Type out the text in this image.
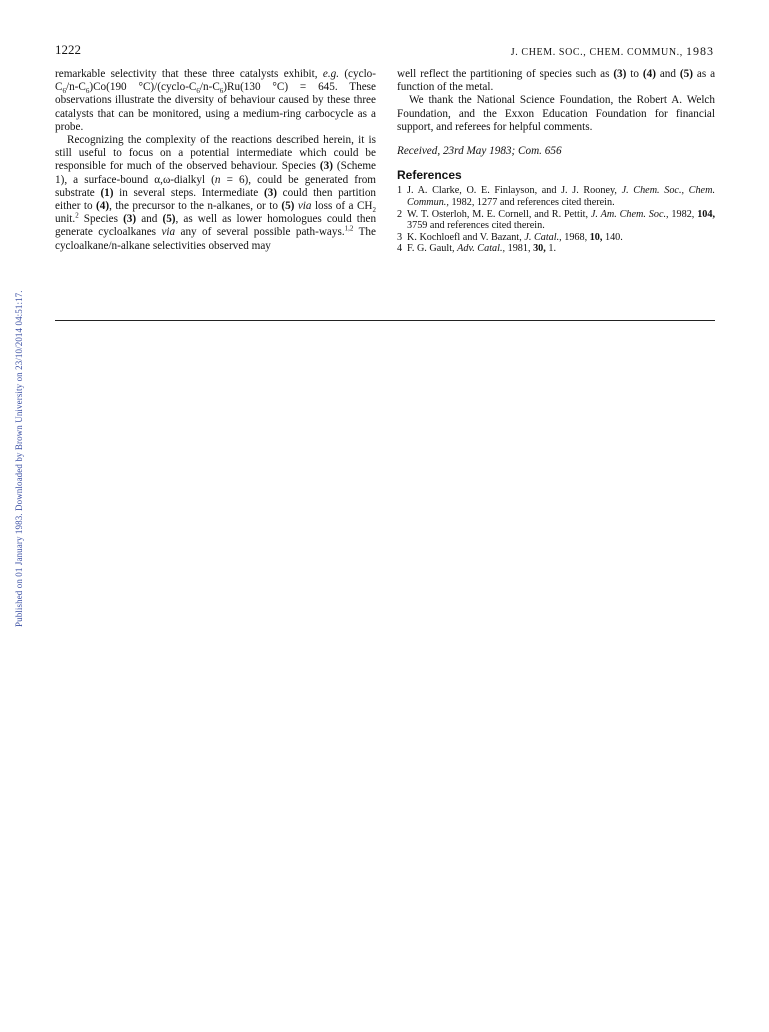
Published on 01 January 1983. Downloaded by Brown University on 23/10/2014 04:51:17.
1222	J. CHEM. SOC., CHEM. COMMUN., 1983

remarkable selectivity that these three catalysts exhibit, e.g. $(cyclo-C_6/n-C_6)Co(190$ $^\circ C)/(cyclo-C_6/n-C_6)Ru(130$ °C) = 645. These observations illustrate the diversity of behaviour caused by these three catalysts that can be monitored, using a medium-ring carbocycle as a probe.

Recognizing the complexity of the reactions described herein, it is still useful to focus on a potential intermediate which could be responsible for much of the observed behaviour. Species (3) (Scheme 1), a surface-bound α,ω-dialkyl (n = 6), could be generated from substrate (1) in several steps. Intermediate (3) could then partition either to (4), the precursor to the n-alkanes, or to (5) via loss of a $CH_2$ unit.$^2$ Species (3) and (5), as well as lower homologues could then generate cycloalkanes via any of several possible path-ways.$^{1,2}$ The cycloalkane/n-alkane selectivities observed may

well reflect the partitioning of species such as (3) to (4) and (5) as a function of the metal.

We thank the National Science Foundation, the Robert A. Welch Foundation, and the Exxon Education Foundation for financial support, and referees for helpful comments.

Received, 23rd May 1983; Com. 656

References
1 J. A. Clarke, O. E. Finlayson, and J. J. Rooney, J. Chem. Soc., Chem. Commun., 1982, 1277 and references cited therein.
2 W. T. Osterloh, M. E. Cornell, and R. Pettit, J. Am. Chem. Soc., 1982, 104, 3759 and references cited therein.
3 K. Kochloefl and V. Bazant, J. Catal., 1968, 10, 140.
4 F. G. Gault, Adv. Catal., 1981, 30, 1.
